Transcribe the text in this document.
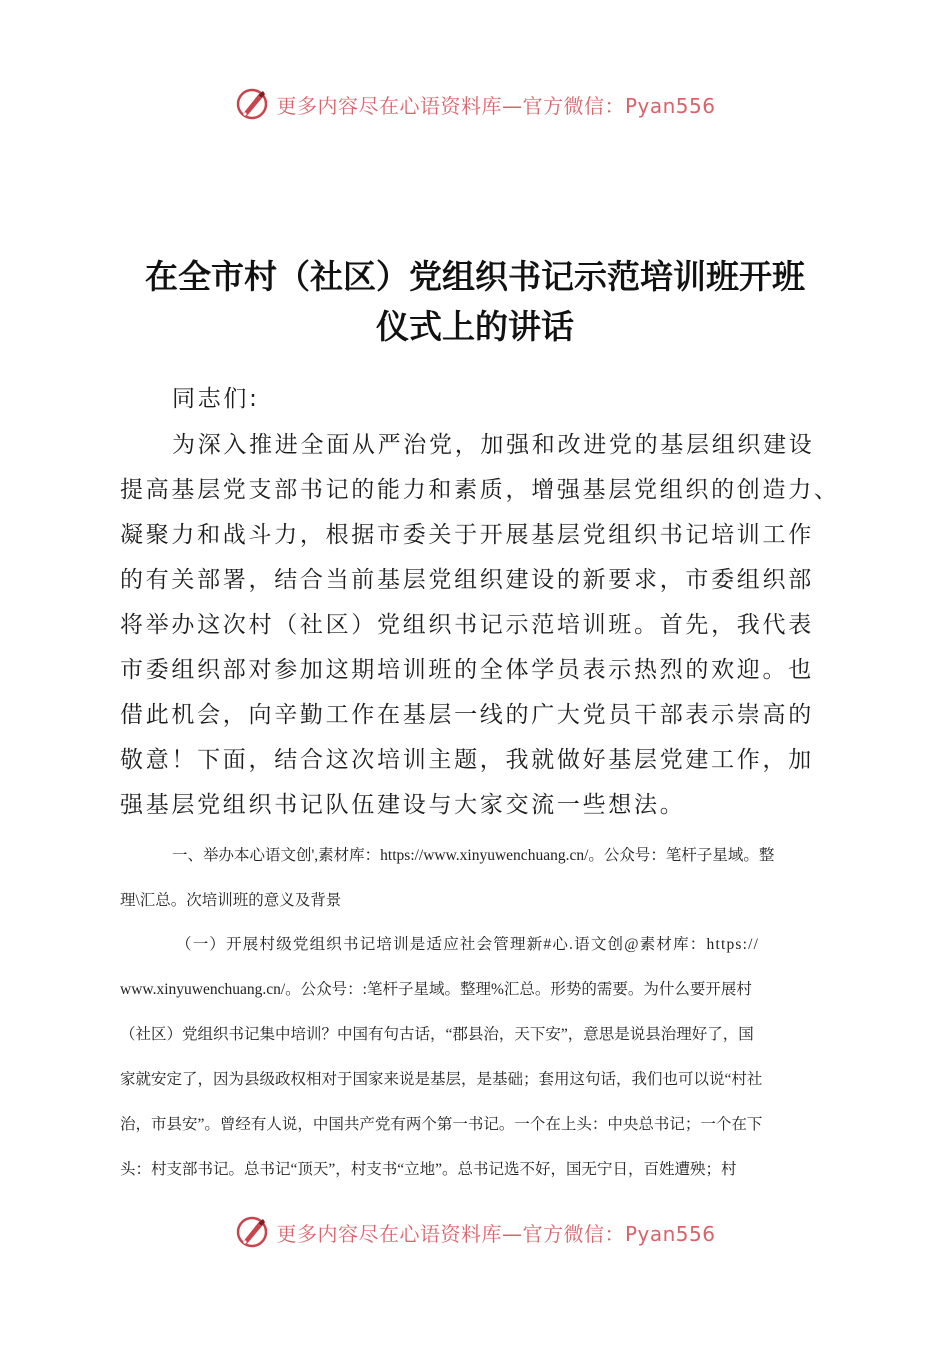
更多内容尽在心语资料库—官方微信：Pyan556
在全市村（社区）党组织书记示范培训班开班
仪式上的讲话
同志们:
为深入推进全面从严治党，加强和改进党的基层组织建设
提高基层党支部书记的能力和素质，增强基层党组织的创造力、
凝聚力和战斗力，根据市委关于开展基层党组织书记培训工作
的有关部署，结合当前基层党组织建设的新要求，市委组织部
将举办这次村（社区）党组织书记示范培训班。首先，我代表
市委组织部对参加这期培训班的全体学员表示热烈的欢迎。也
借此机会，向辛勤工作在基层一线的广大党员干部表示崇高的
敬意！下面，结合这次培训主题，我就做好基层党建工作，加
强基层党组织书记队伍建设与大家交流一些想法。
一、举办本心语文创',素材库：https://www.xinyuwenchuang.cn/。公众号：笔杆子星域。整
理\汇总。次培训班的意义及背景
（一）开展村级党组织书记培训是适应社会管理新#心.语文创@素材库：https://
www.xinyuwenchuang.cn/。公众号：:笔杆子星域。整理%汇总。形势的需要。为什么要开展村
（社区）党组织书记集中培训？中国有句古话，“郡县治，天下安”，意思是说县治理好了，国
家就安定了，因为县级政权相对于国家来说是基层，是基础；套用这句话，我们也可以说“村社
治，市县安”。曾经有人说，中国共产党有两个第一书记。一个在上头：中央总书记；一个在下
头：村支部书记。总书记“顶天”，村支书“立地”。总书记选不好，国无宁日，百姓遭殃；村
更多内容尽在心语资料库—官方微信：Pyan556
